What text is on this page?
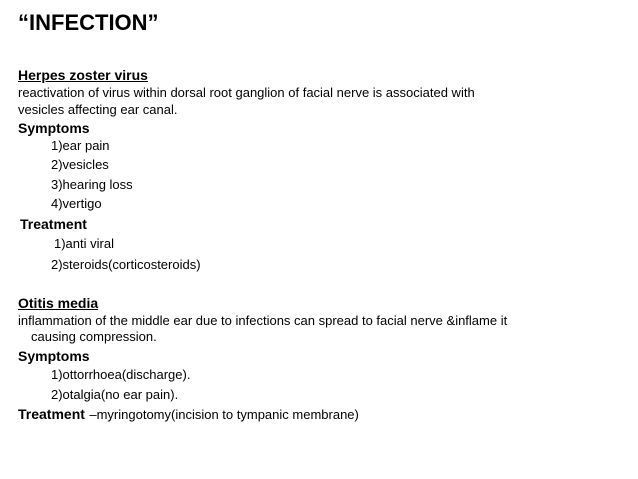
“INFECTION”
Herpes zoster virus
reactivation of virus within dorsal root ganglion of facial nerve is associated with
vesicles affecting ear canal.
Symptoms
1)ear pain
2)vesicles
3)hearing loss
4)vertigo
Treatment
1)anti viral
2)steroids(corticosteroids)
Otitis media
inflammation of the middle ear due to infections can spread to facial nerve &inflame it
causing compression.
Symptoms
1)ottorrhoea(discharge).
2)otalgia(no ear pain).
Treatment –myringotomy(incision to tympanic membrane)
